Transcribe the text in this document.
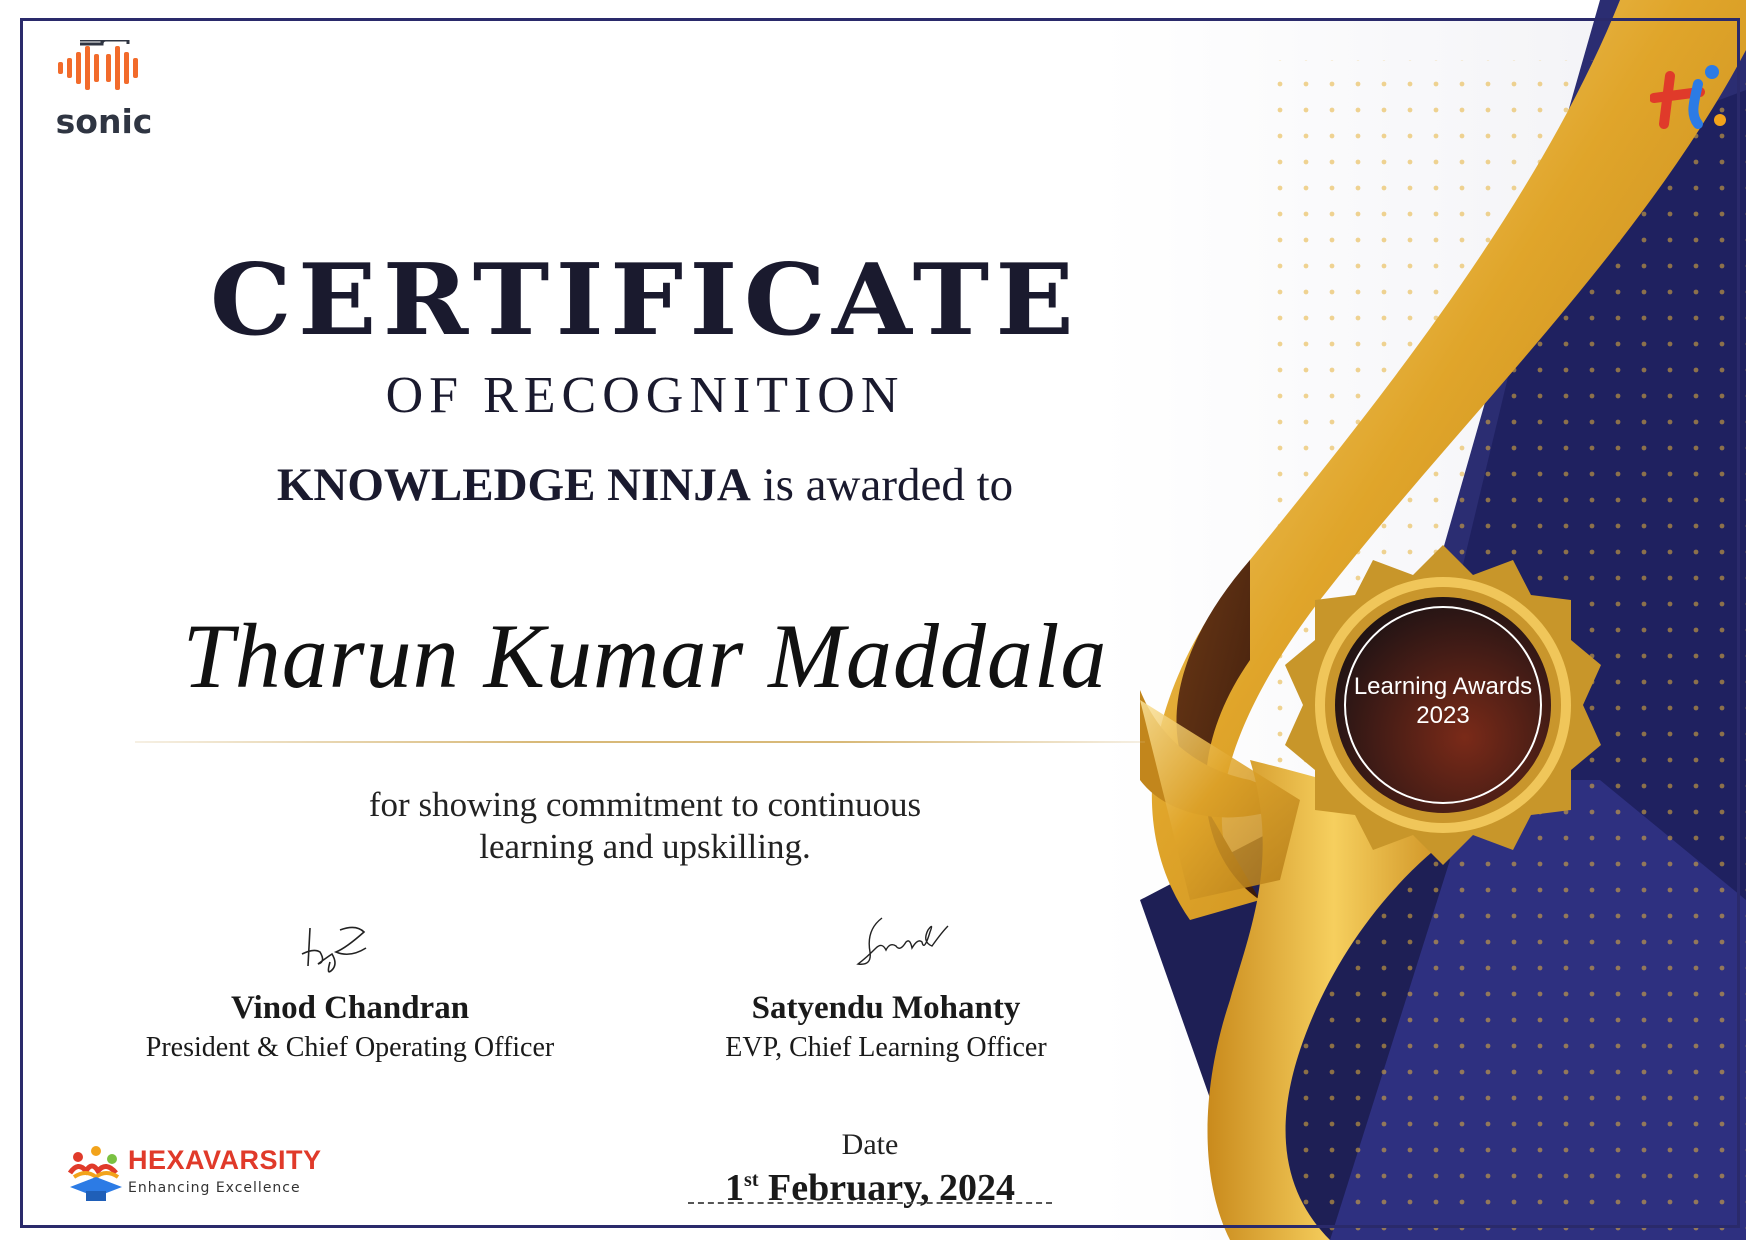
sonic
CERTIFICATE
OF RECOGNITION
KNOWLEDGE NINJA is awarded to
Tharun Kumar Maddala
for showing commitment to continuous
learning and upskilling.
Vinod Chandran
President & Chief Operating Officer
Satyendu Mohanty
EVP, Chief Learning Officer
Date
1st February, 2024
Learning Awards
2023
HEXAVARSITY
Enhancing Excellence
